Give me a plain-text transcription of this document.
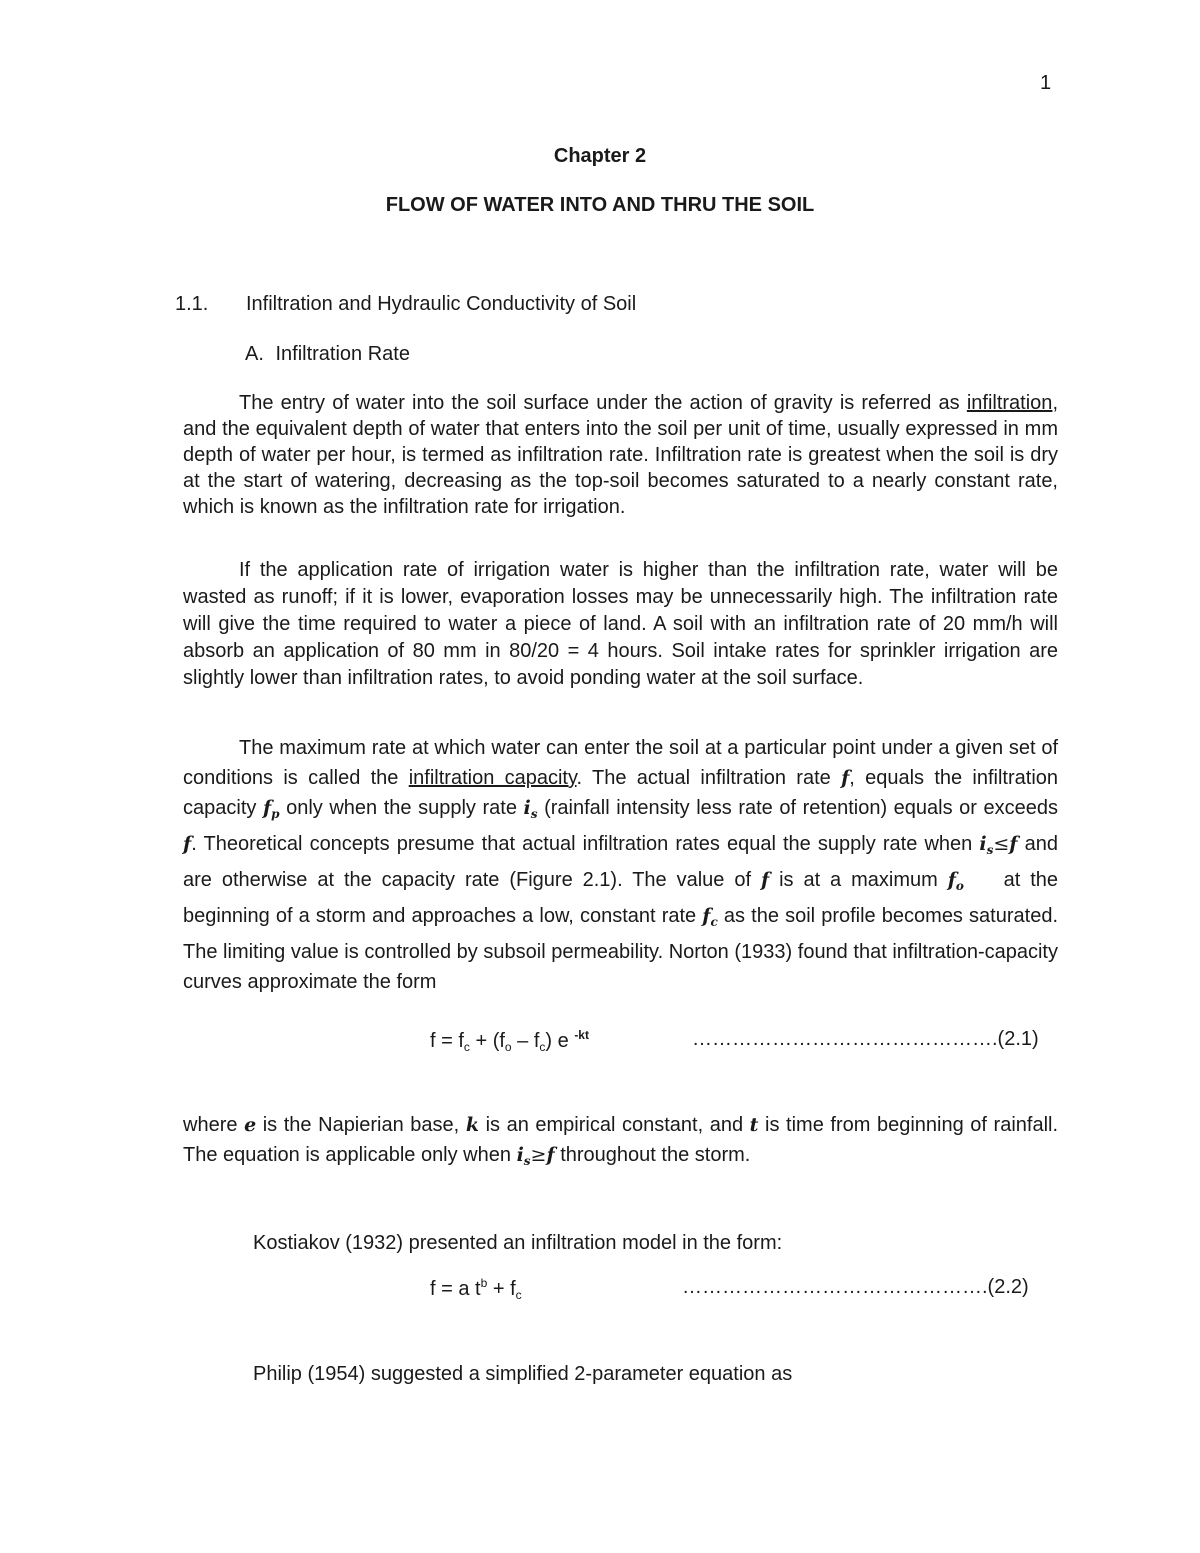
1
Chapter 2
FLOW OF WATER INTO AND THRU THE SOIL
1.1. Infiltration and Hydraulic Conductivity of Soil
A. Infiltration Rate
The entry of water into the soil surface under the action of gravity is referred as infiltration, and the equivalent depth of water that enters into the soil per unit of time, usually expressed in mm depth of water per hour, is termed as infiltration rate. Infiltration rate is greatest when the soil is dry at the start of watering, decreasing as the top-soil becomes saturated to a nearly constant rate, which is known as the infiltration rate for irrigation.
If the application rate of irrigation water is higher than the infiltration rate, water will be wasted as runoff; if it is lower, evaporation losses may be unnecessarily high. The infiltration rate will give the time required to water a piece of land. A soil with an infiltration rate of 20 mm/h will absorb an application of 80 mm in 80/20 = 4 hours. Soil intake rates for sprinkler irrigation are slightly lower than infiltration rates, to avoid ponding water at the soil surface.
The maximum rate at which water can enter the soil at a particular point under a given set of conditions is called the infiltration capacity. The actual infiltration rate f, equals the infiltration capacity $f_p$ only when the supply rate $i_s$ (rainfall intensity less rate of retention) equals or exceeds f. Theoretical concepts presume that actual infiltration rates equal the supply rate when $i_s\le f$ and are otherwise at the capacity rate (Figure 2.1). The value of f is at a maximum $f_o$ at the beginning of a storm and approaches a low, constant rate $f_c$ as the soil profile becomes saturated. The limiting value is controlled by subsoil permeability. Norton (1933) found that infiltration-capacity curves approximate the form
$f = f_c + (f_o - f_c)$ e $^{-kt}$	……………………………………….(2.1)
where e is the Napierian base, k is an empirical constant, and t is time from beginning of rainfall. The equation is applicable only when $i_s\ge f$ throughout the storm.
Kostiakov (1932) presented an infiltration model in the form:
f = a $t^b + f_c$	……………………………………….(2.2)
Philip (1954) suggested a simplified 2-parameter equation as
